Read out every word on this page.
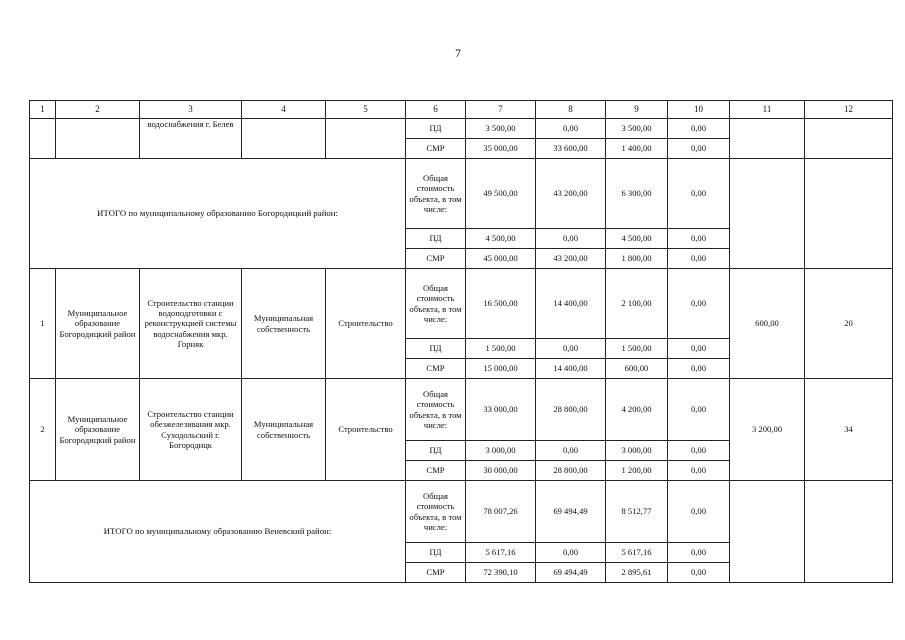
7
1	2	3	4	5	6	7	8	9	10	11	12
		водоснабжения г. Белев			ПД	3 500,00	0,00	3 500,00	0,00		
					СМР	35 000,00	33 600,00	1 400,00	0,00		
ИТОГО по муниципальному образованию Богородицкий район:					Общая стоимость объекта, в том числе:	49 500,00	43 200,00	6 300,00	0,00		
					ПД	4 500,00	0,00	4 500,00	0,00		
					СМР	45 000,00	43 200,00	1 800,00	0,00		
1	Муниципальное образование Богородицкий район	Строительство станции водоподготовки с реконструкцией системы водоснабжения мкр. Горняк	Муниципальная собственность	Строительство	Общая стоимость объекта, в том числе:	16 500,00	14 400,00	2 100,00	0,00	600,00	20
					ПД	1 500,00	0,00	1 500,00	0,00		
					СМР	15 000,00	14 400,00	600,00	0,00		
2	Муниципальное образование Богородицкий район	Строительство станции обезжелезивания мкр. Суходольский г. Богородицк	Муниципальная собственность	Строительство	Общая стоимость объекта, в том числе:	33 000,00	28 800,00	4 200,00	0,00	3 200,00	34
					ПД	3 000,00	0,00	3 000,00	0,00		
					СМР	30 000,00	28 800,00	1 200,00	0,00		
ИТОГО по муниципальному образованию Веневский район:					Общая стоимость объекта, в том числе:	78 007,26	69 494,49	8 512,77	0,00		
					ПД	5 617,16	0,00	5 617,16	0,00		
					СМР	72 390,10	69 494,49	2 895,61	0,00		
